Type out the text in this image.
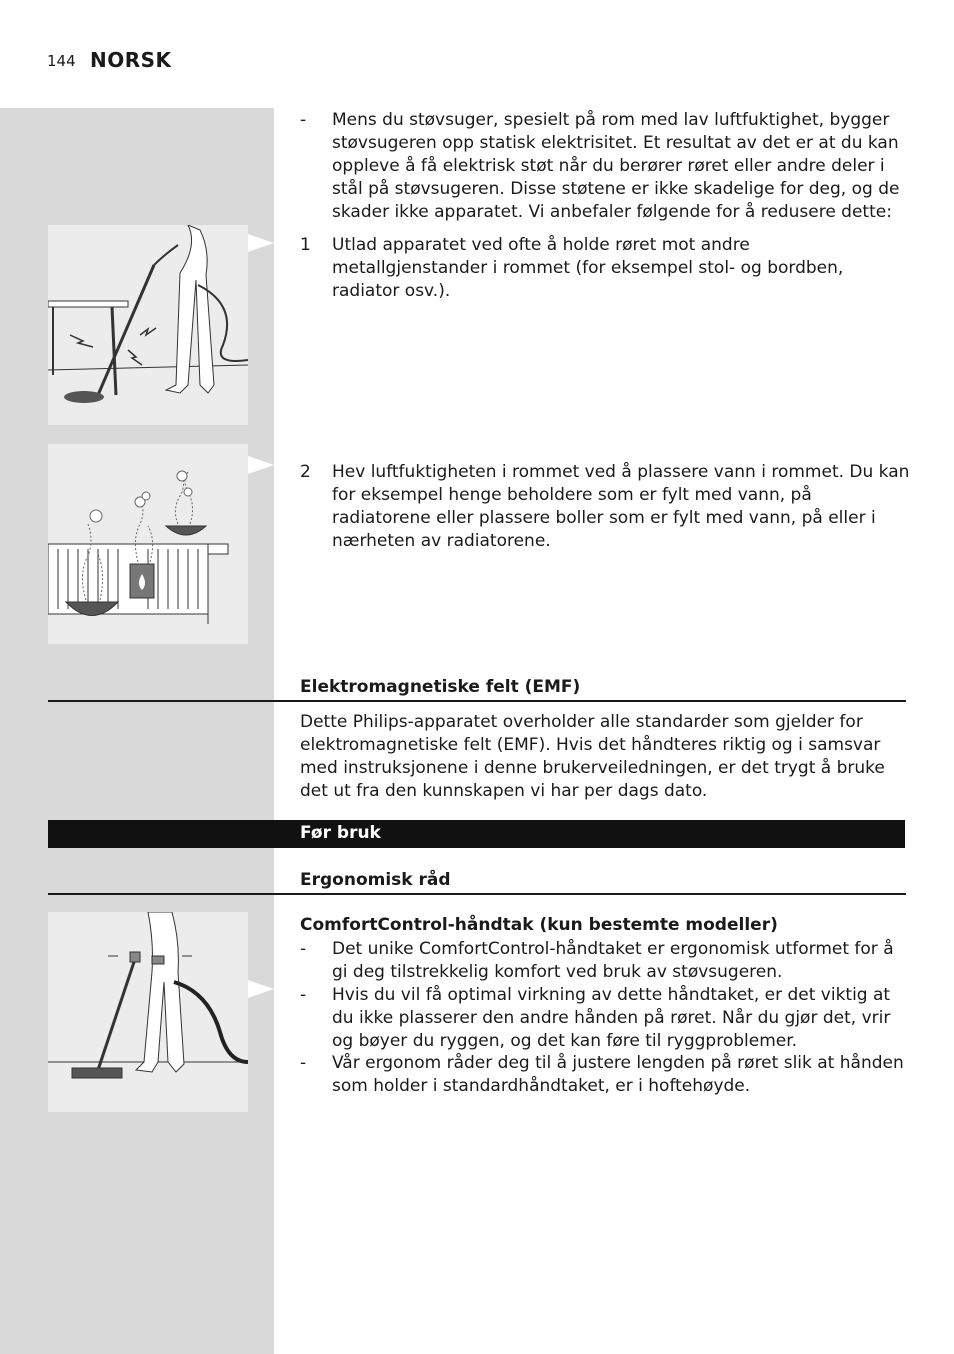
144 NORSK
- Mens du støvsuger, spesielt på rom med lav luftfuktighet, bygger støvsugeren opp statisk elektrisitet. Et resultat av det er at du kan oppleve å få elektrisk støt når du berører røret eller andre deler i stål på støvsugeren. Disse støtene er ikke skadelige for deg, og de skader ikke apparatet. Vi anbefaler følgende for å redusere dette:
1 Utlad apparatet ved ofte å holde røret mot andre metallgjenstander i rommet (for eksempel stol- og bordben, radiator osv.).
2 Hev luftfuktigheten i rommet ved å plassere vann i rommet. Du kan for eksempel henge beholdere som er fylt med vann, på radiatorene eller plassere boller som er fylt med vann, på eller i nærheten av radiatorene.
Elektromagnetiske felt (EMF)
Dette Philips-apparatet overholder alle standarder som gjelder for elektromagnetiske felt (EMF). Hvis det håndteres riktig og i samsvar med instruksjonene i denne brukerveiledningen, er det trygt å bruke det ut fra den kunnskapen vi har per dags dato.
Før bruk
Ergonomisk råd
ComfortControl-håndtak (kun bestemte modeller)
- Det unike ComfortControl-håndtaket er ergonomisk utformet for å gi deg tilstrekkelig komfort ved bruk av støvsugeren.
- Hvis du vil få optimal virkning av dette håndtaket, er det viktig at du ikke plasserer den andre hånden på røret. Når du gjør det, vrir og bøyer du ryggen, og det kan føre til ryggproblemer.
- Vår ergonom råder deg til å justere lengden på røret slik at hånden som holder i standardhåndtaket, er i hoftehøyde.
